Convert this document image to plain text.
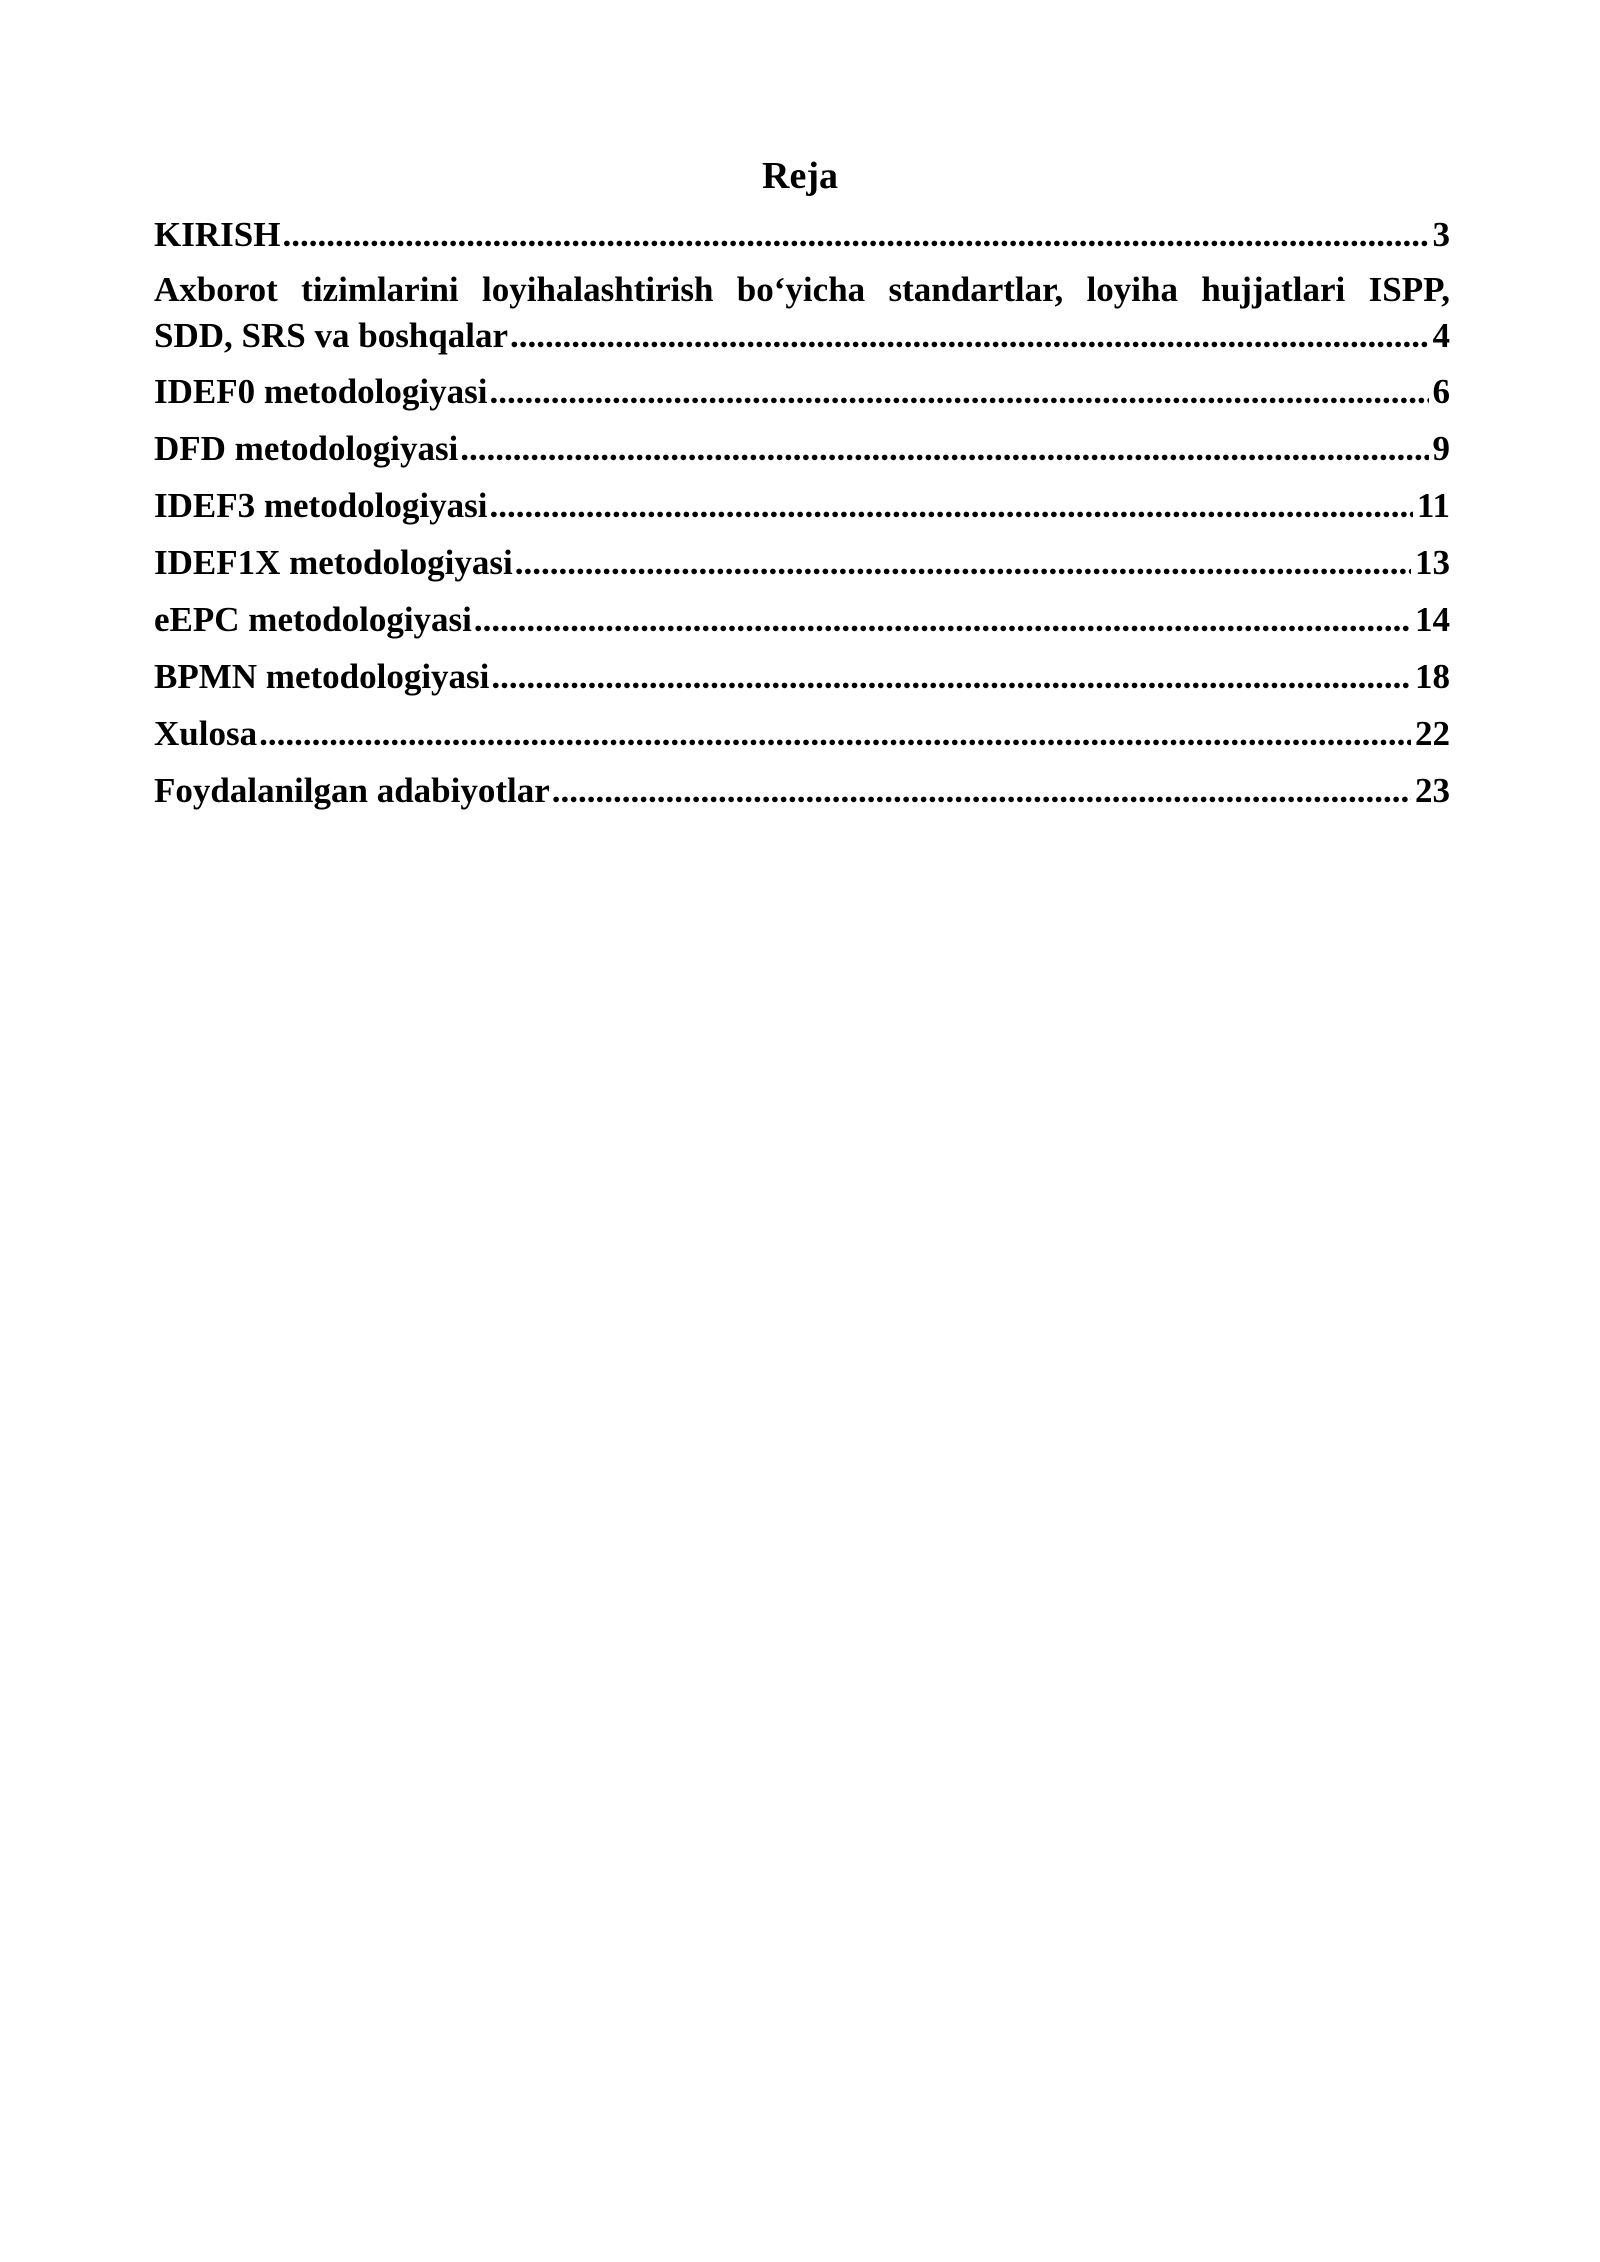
Reja
KIRISH .....	3
Axborot tizimlarini loyihalashtirish bo‘yicha standartlar, loyiha hujjatlari ISPP,
SDD, SRS va boshqalar .....	4
IDEF0 metodologiyasi .....	6
DFD metodologiyasi .....	9
IDEF3 metodologiyasi .....	11
IDEF1X metodologiyasi .....	13
eEPC metodologiyasi .....	14
BPMN metodologiyasi .....	18
Xulosa .....	22
Foydalanilgan adabiyotlar .....	23
